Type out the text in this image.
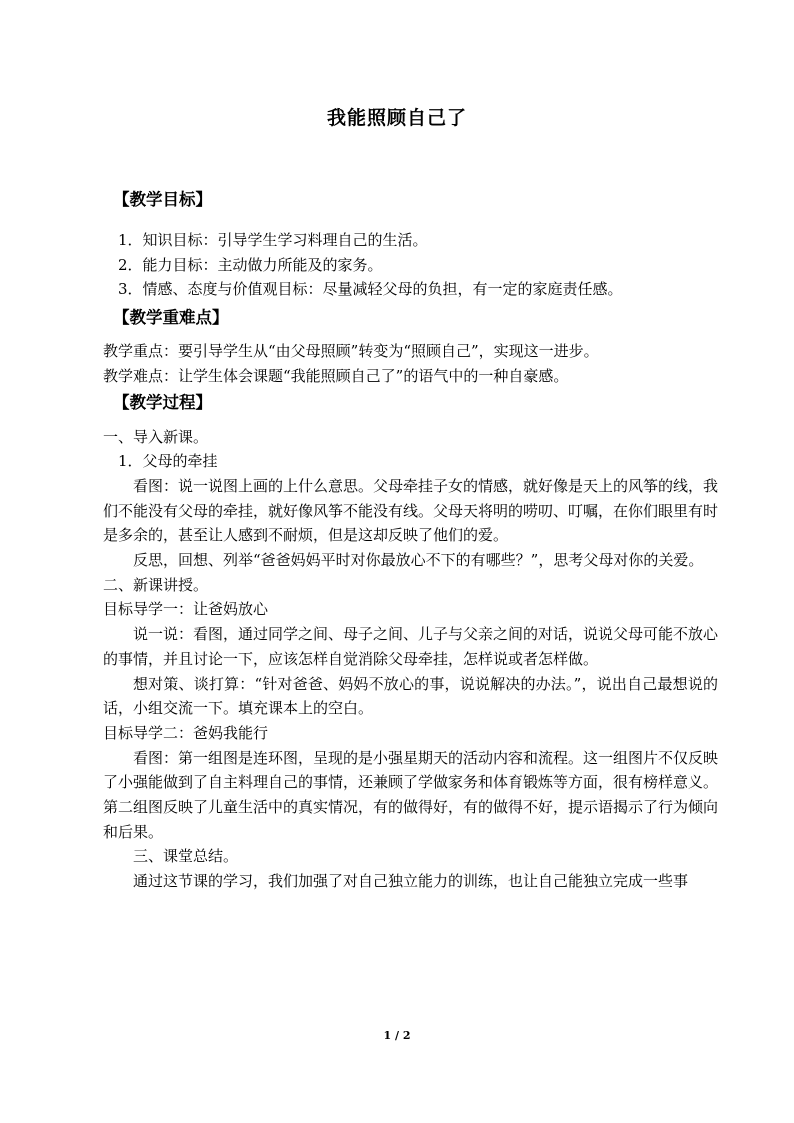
我能照顾自己了
【教学目标】

1．知识目标：引导学生学习料理自己的生活。

2．能力目标：主动做力所能及的家务。

3．情感、态度与价值观目标：尽量减轻父母的负担，有一定的家庭责任感。

【教学重难点】

教学重点：要引导学生从“由父母照顾”转变为“照顾自己”，实现这一进步。

教学难点：让学生体会课题“我能照顾自己了”的语气中的一种自豪感。

【教学过程】

一、导入新课。

1．父母的牵挂

看图：说一说图上画的上什么意思。父母牵挂子女的情感，就好像是天上的风筝的线，我们不能没有父母的牵挂，就好像风筝不能没有线。父母天将明的唠叨、叮嘱，在你们眼里有时是多余的，甚至让人感到不耐烦，但是这却反映了他们的爱。

反思，回想、列举“爸爸妈妈平时对你最放心不下的有哪些？”，思考父母对你的关爱。

二、新课讲授。

目标导学一：让爸妈放心

说一说：看图，通过同学之间、母子之间、儿子与父亲之间的对话，说说父母可能不放心的事情，并且讨论一下，应该怎样自觉消除父母牵挂，怎样说或者怎样做。

想对策、谈打算：“针对爸爸、妈妈不放心的事，说说解决的办法。”，说出自己最想说的话，小组交流一下。填充课本上的空白。

目标导学二：爸妈我能行

看图：第一组图是连环图，呈现的是小强星期天的活动内容和流程。这一组图片不仅反映了小强能做到了自主料理自己的事情，还兼顾了学做家务和体育锻炼等方面，很有榜样意义。第二组图反映了儿童生活中的真实情况，有的做得好，有的做得不好，提示语揭示了行为倾向和后果。

三、课堂总结。

通过这节课的学习，我们加强了对自己独立能力的训练，也让自己能独立完成一些事

1 / 2
